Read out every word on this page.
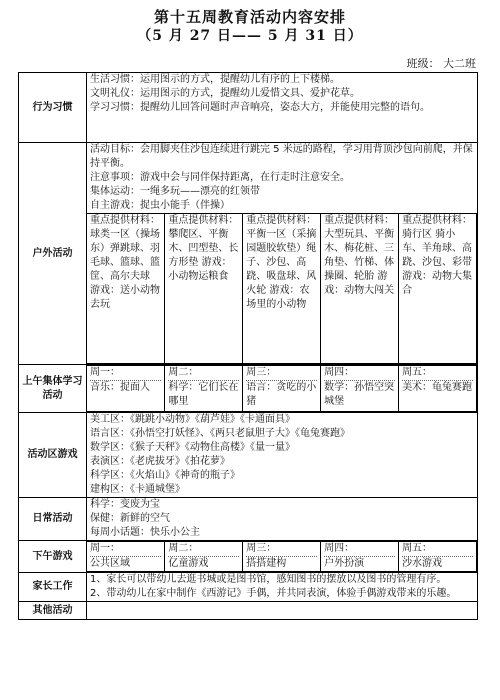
第十五周教育活动内容安排
（5 月 27 日—— 5 月 31 日）
班级： 大二班
行为习惯	
生活习惯：运用图示的方式，提醒幼儿有序的上下楼梯。
文明礼仪：运用图示的方式，提醒幼儿爱惜文具、爱护花草。
学习习惯：提醒幼儿回答问题时声音响亮，姿态大方，并能使用完整的语句。

户外活动	
活动目标：会用脚夹住沙包连续进行跳完 5 米远的路程，学习用背顶沙包向前爬，并保持平衡。
注意事项：游戏中会与同伴保持距离，在行走时注意安全。
集体运动：一绳多玩——漂亮的红领带
自主游戏：捉虫小能手（伴操）
重点提供材料：球类一区（操场东）弹跳球、羽毛球、篮球、篮筐、高尔夫球 游戏：送小动物去玩	重点提供材料：攀爬区、平衡木、凹型垫、长方形垫 游戏：小动物运粮食	重点提供材料：平衡一区（采摘园题胶软垫）绳子、沙包、高跷、吸盘球、风火轮 游戏：农场里的小动物	重点提供材料：大型玩具、平衡木、梅花桩、三角垫、竹梯、体操圈、轮胎 游戏：动物大闯关	重点提供材料：骑行区 骑小车、羊角球、高跷、沙包、彩带 游戏：动物大集合

上午集体学习活动	
周一：
音乐：捉面人	
周二：
科学：它们长在哪里	
周三：
语言：贪吃的小猪	
周四：
数学：孙悟空突城堡	
周五：
美术：龟兔赛跑

活动区游戏	
美工区：《跳跳小动物》《葫芦娃》《卡通面具》
语言区：《孙悟空打妖怪》、《两只老鼠胆子大》《龟兔赛跑》
数学区：《猴子天秤》《动物住高楼》《量一量》
表演区：《老虎拔牙》《拍花萝》
科学区：《火焰山》《神奇的瓶子》
建构区：《卡通城堡》

日常活动	
科学：变废为宝
保健：新鲜的空气
每周小话题：快乐小公主

下午游戏	
周一：
公共区域	
周二：
亿童游戏	
周三：
搭搭建构	
周四：
户外扮演	
周五：
沙水游戏

家长工作	
1、家长可以带幼儿去逛书城或是图书馆，感知图书的摆放以及图书的管理有序。
2、带动幼儿在家中制作《西游记》手偶，并共同表演，体验手偶游戏带来的乐趣。

其他活动	
